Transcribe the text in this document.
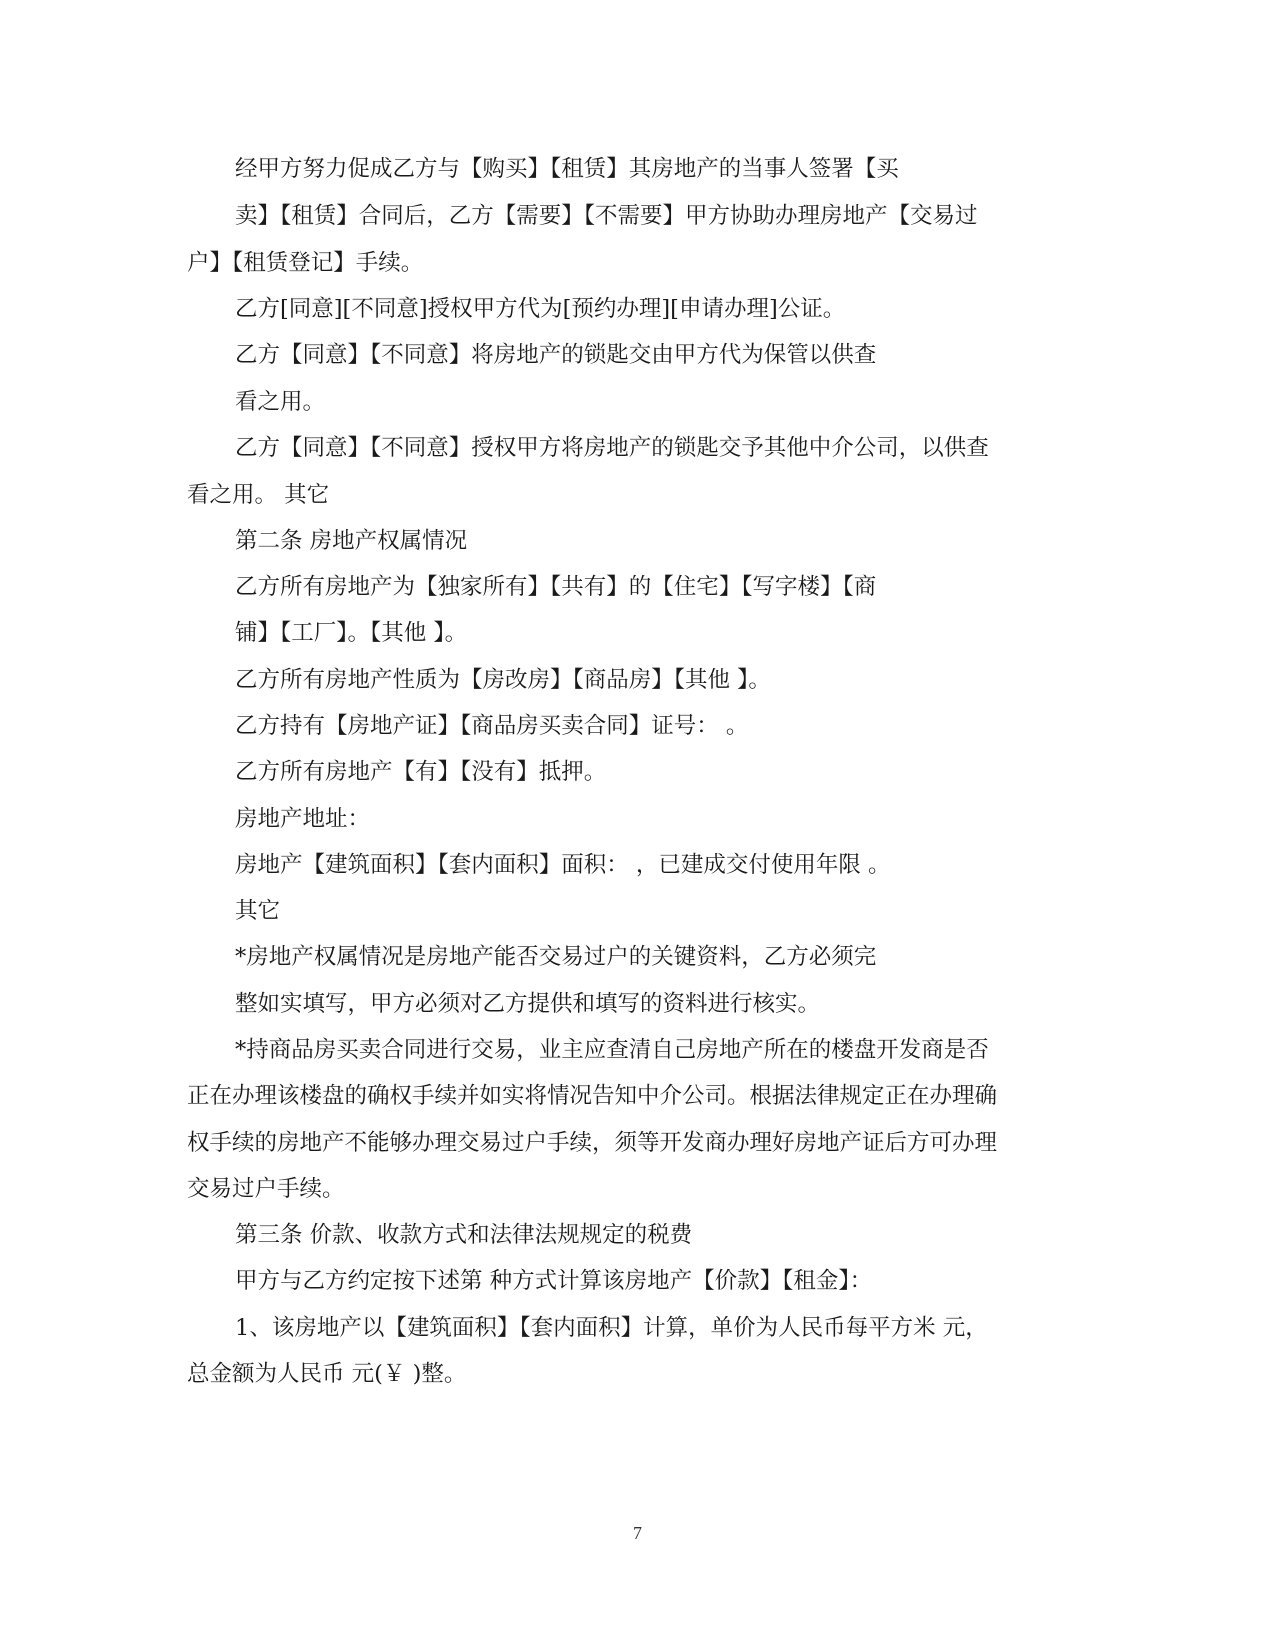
经甲方努力促成乙方与【购买】【租赁】其房地产的当事人签署【买

卖】【租赁】合同后，乙方【需要】【不需要】甲方协助办理房地产【交易过

户】【租赁登记】手续。

乙方[同意][不同意]授权甲方代为[预约办理][申请办理]公证。

乙方【同意】【不同意】将房地产的锁匙交由甲方代为保管以供查

看之用。

乙方【同意】【不同意】授权甲方将房地产的锁匙交予其他中介公司，以供查

看之用。 其它

第二条 房地产权属情况

乙方所有房地产为【独家所有】【共有】的【住宅】【写字楼】【商

铺】【工厂】。【其他 】。

乙方所有房地产性质为【房改房】【商品房】【其他 】。

乙方持有【房地产证】【商品房买卖合同】证号： 。

乙方所有房地产【有】【没有】抵押。

房地产地址：

房地产【建筑面积】【套内面积】面积： ，已建成交付使用年限 。

其它

*房地产权属情况是房地产能否交易过户的关键资料，乙方必须完

整如实填写，甲方必须对乙方提供和填写的资料进行核实。

*持商品房买卖合同进行交易，业主应查清自己房地产所在的楼盘开发商是否

正在办理该楼盘的确权手续并如实将情况告知中介公司。根据法律规定正在办理确

权手续的房地产不能够办理交易过户手续，须等开发商办理好房地产证后方可办理

交易过户手续。

第三条 价款、收款方式和法律法规规定的税费

甲方与乙方约定按下述第 种方式计算该房地产【价款】【租金】：

1、该房地产以【建筑面积】【套内面积】计算，单价为人民币每平方米 元，

总金额为人民币 元(￥ )整。

7
